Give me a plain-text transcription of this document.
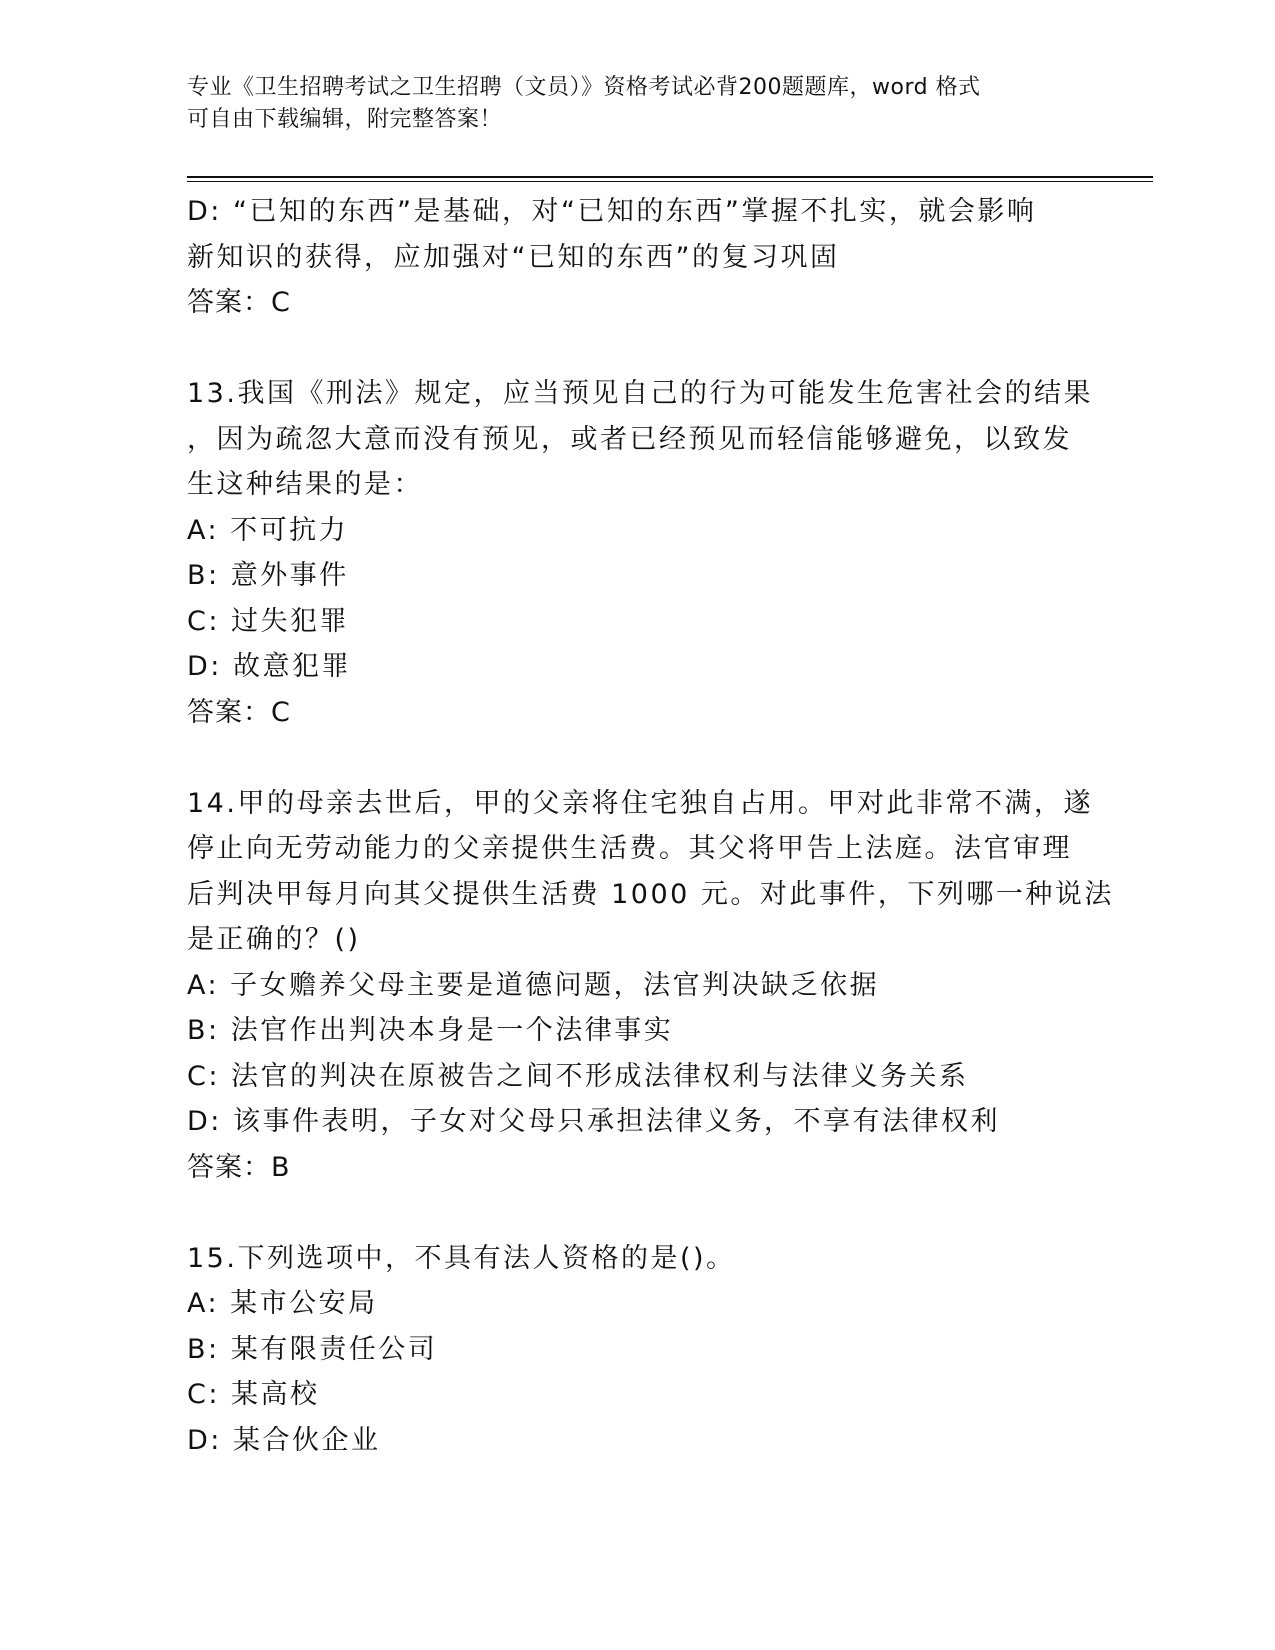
专业《卫生招聘考试之卫生招聘（文员）》资格考试必背200题题库，word 格式
可自由下载编辑，附完整答案！
D: “已知的东西”是基础，对“已知的东西”掌握不扎实，就会影响
新知识的获得，应加强对“已知的东西”的复习巩固
答案：C
13.我国《刑法》规定，应当预见自己的行为可能发生危害社会的结果
，因为疏忽大意而没有预见，或者已经预见而轻信能够避免，以致发
生这种结果的是：
A: 不可抗力
B: 意外事件
C: 过失犯罪
D: 故意犯罪
答案：C
14.甲的母亲去世后，甲的父亲将住宅独自占用。甲对此非常不满，遂
停止向无劳动能力的父亲提供生活费。其父将甲告上法庭。法官审理
后判决甲每月向其父提供生活费 1000 元。对此事件，下列哪一种说法
是正确的？()
A: 子女赡养父母主要是道德问题，法官判决缺乏依据
B: 法官作出判决本身是一个法律事实
C: 法官的判决在原被告之间不形成法律权利与法律义务关系
D: 该事件表明，子女对父母只承担法律义务，不享有法律权利
答案：B
15.下列选项中，不具有法人资格的是()。
A: 某市公安局
B: 某有限责任公司
C: 某高校
D: 某合伙企业
